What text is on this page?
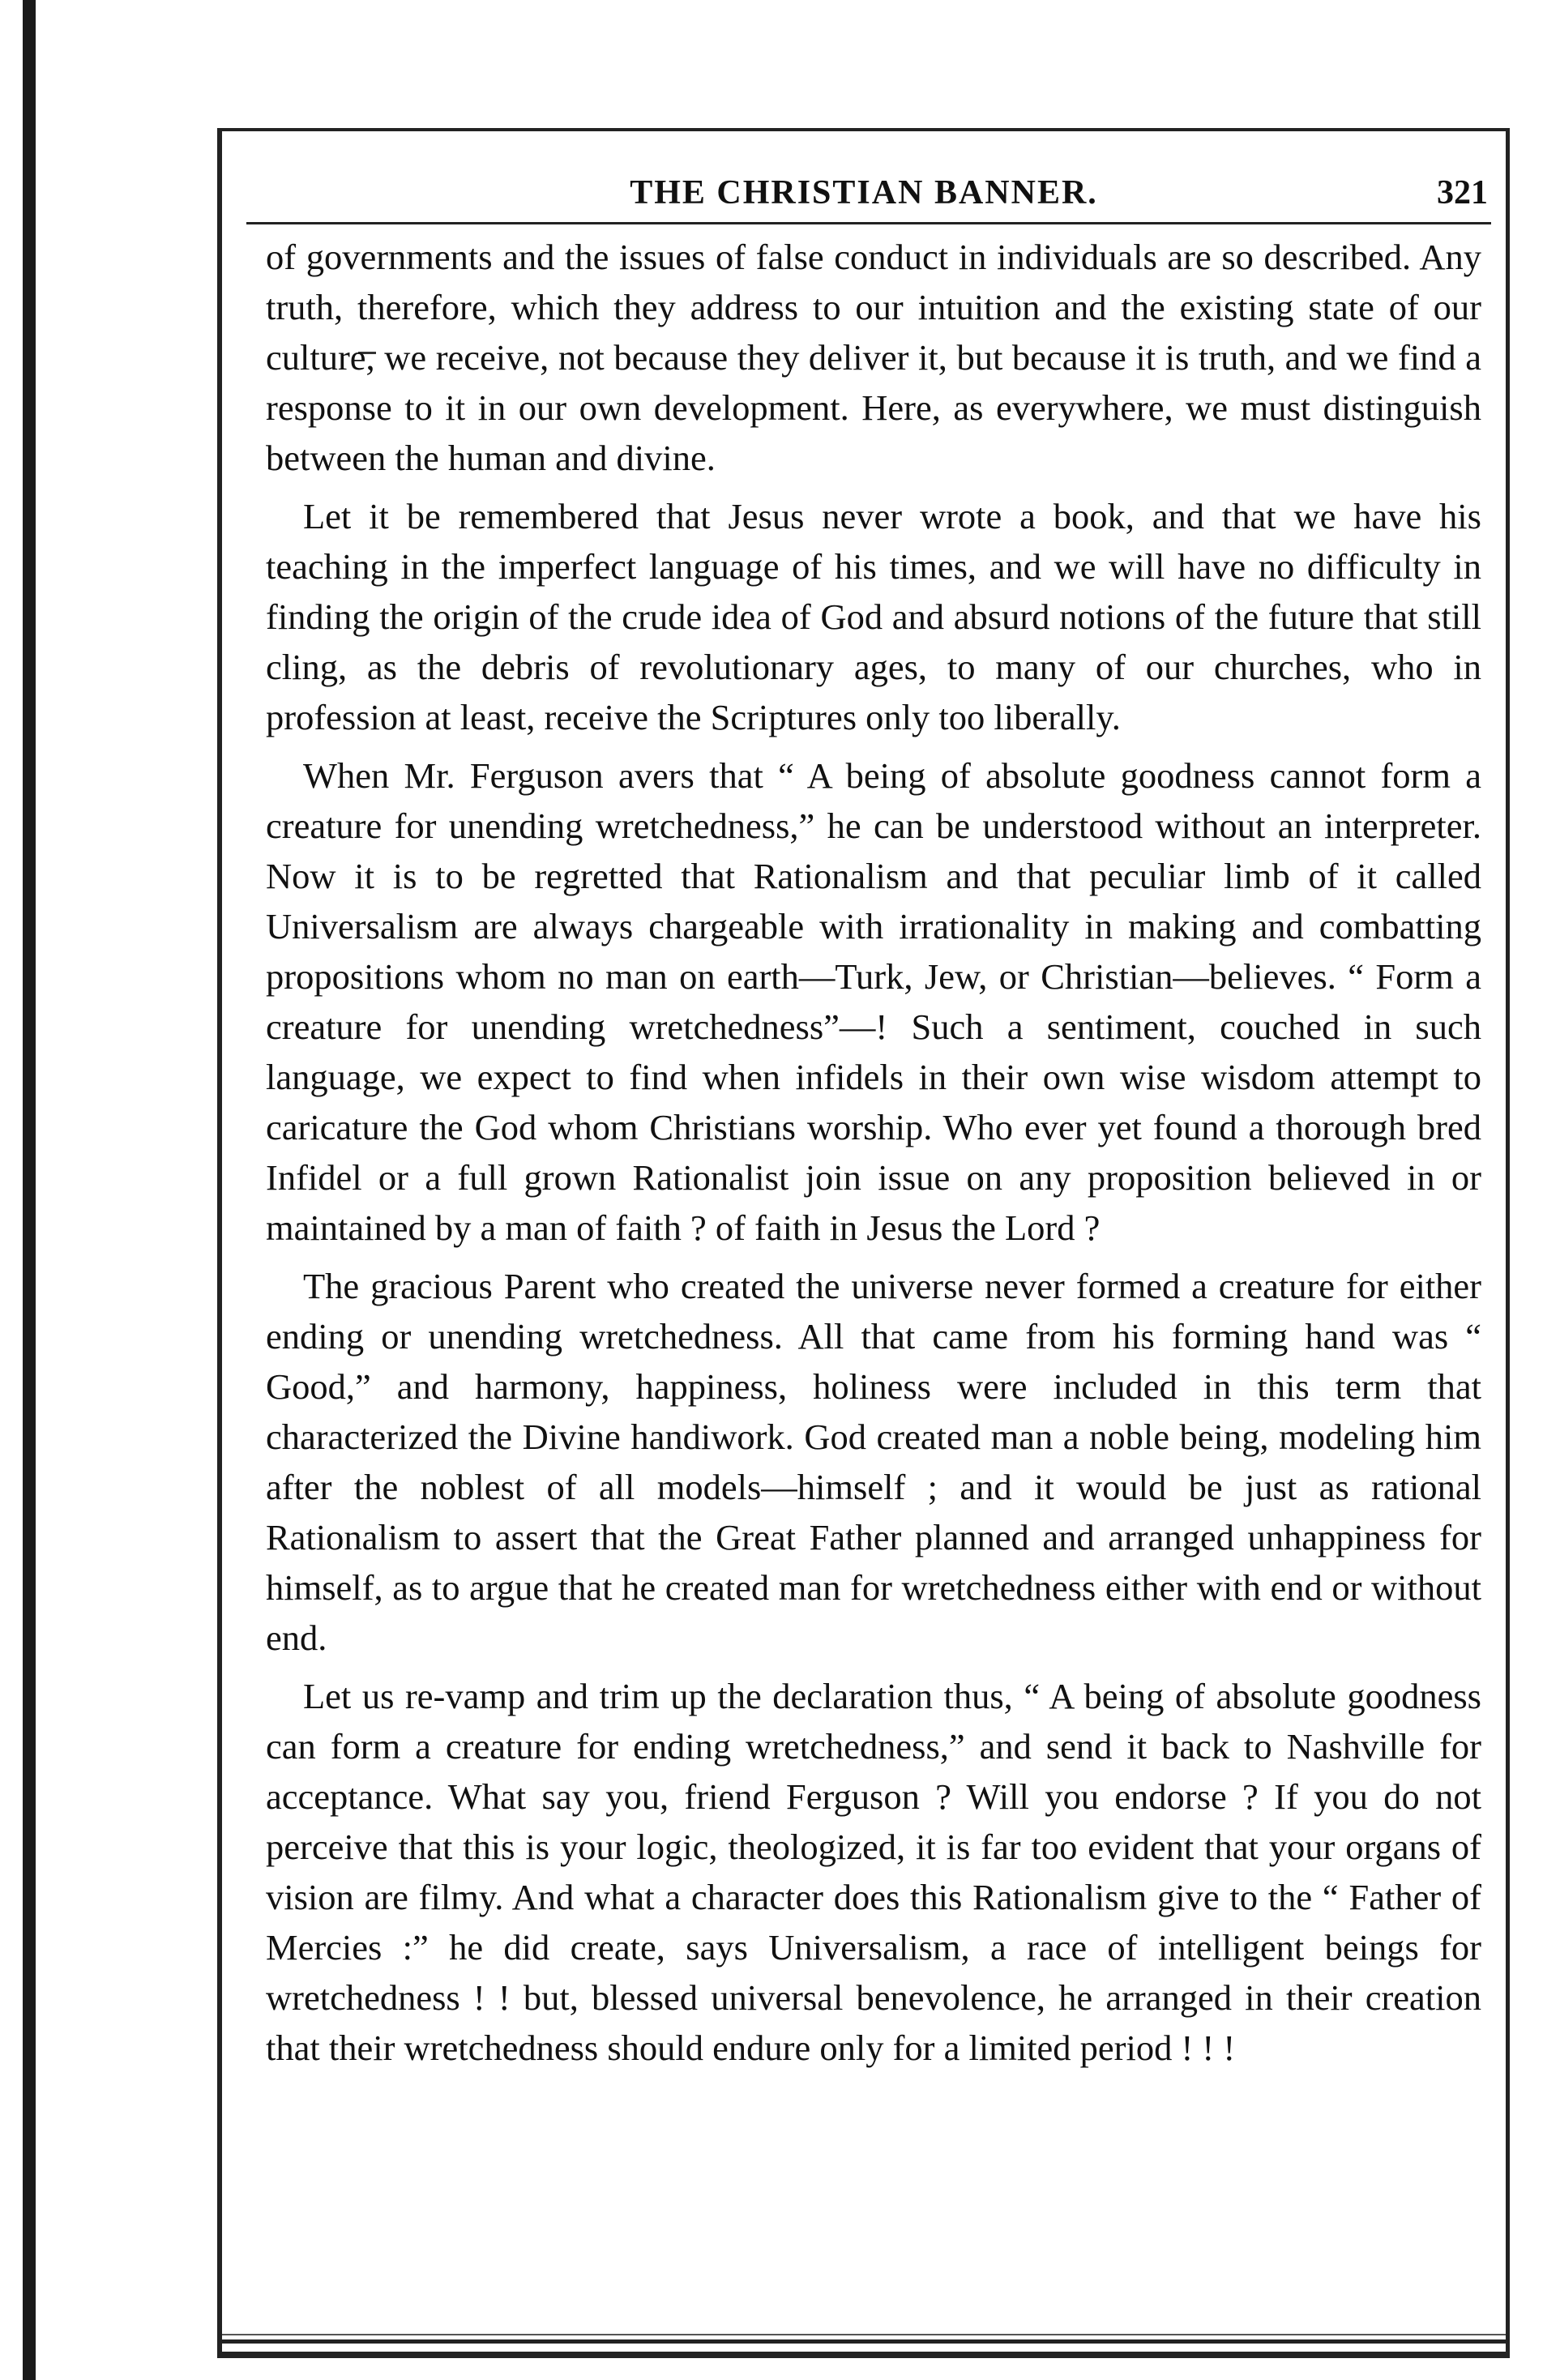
THE CHRISTIAN BANNER.	321

of governments and the issues of false conduct in individuals are so described. Any truth, therefore, which they address to our intuition and the existing state of our culture, we receive, not because they deliver it, but because it is truth, and we find a response to it in our own development. Here, as everywhere, we must distinguish between the human and divine.

Let it be remembered that Jesus never wrote a book, and that we have his teaching in the imperfect language of his times, and we will have no difficulty in finding the origin of the crude idea of God and absurd notions of the future that still cling, as the debris of revolutionary ages, to many of our churches, who in profession at least, receive the Scriptures only too liberally.

When Mr. Ferguson avers that “ A being of absolute goodness cannot form a creature for unending wretchedness,” he can be understood without an interpreter. Now it is to be regretted that Rationalism and that peculiar limb of it called Universalism are always chargeable with irrationality in making and combatting propositions whom no man on earth—Turk, Jew, or Christian—believes. “ Form a creature for unending wretchedness”—! Such a sentiment, couched in such language, we expect to find when infidels in their own wise wisdom attempt to caricature the God whom Christians worship. Who ever yet found a thorough bred Infidel or a full grown Rationalist join issue on any proposition believed in or maintained by a man of faith ? of faith in Jesus the Lord ?

The gracious Parent who created the universe never formed a creature for either ending or unending wretchedness. All that came from his forming hand was “ Good,” and harmony, happiness, holiness were included in this term that characterized the Divine handiwork. God created man a noble being, modeling him after the noblest of all models—himself ; and it would be just as rational Rationalism to assert that the Great Father planned and arranged unhappiness for himself, as to argue that he created man for wretchedness either with end or without end.

Let us re-vamp and trim up the declaration thus, “ A being of absolute goodness can form a creature for ending wretchedness,” and send it back to Nashville for acceptance. What say you, friend Ferguson ? Will you endorse ? If you do not perceive that this is your logic, theologized, it is far too evident that your organs of vision are filmy. And what a character does this Rationalism give to the “ Father of Mercies :” he did create, says Universalism, a race of intelligent beings for wretchedness ! ! but, blessed universal benevolence, he arranged in their creation that their wretchedness should endure only for a limited period ! ! !
